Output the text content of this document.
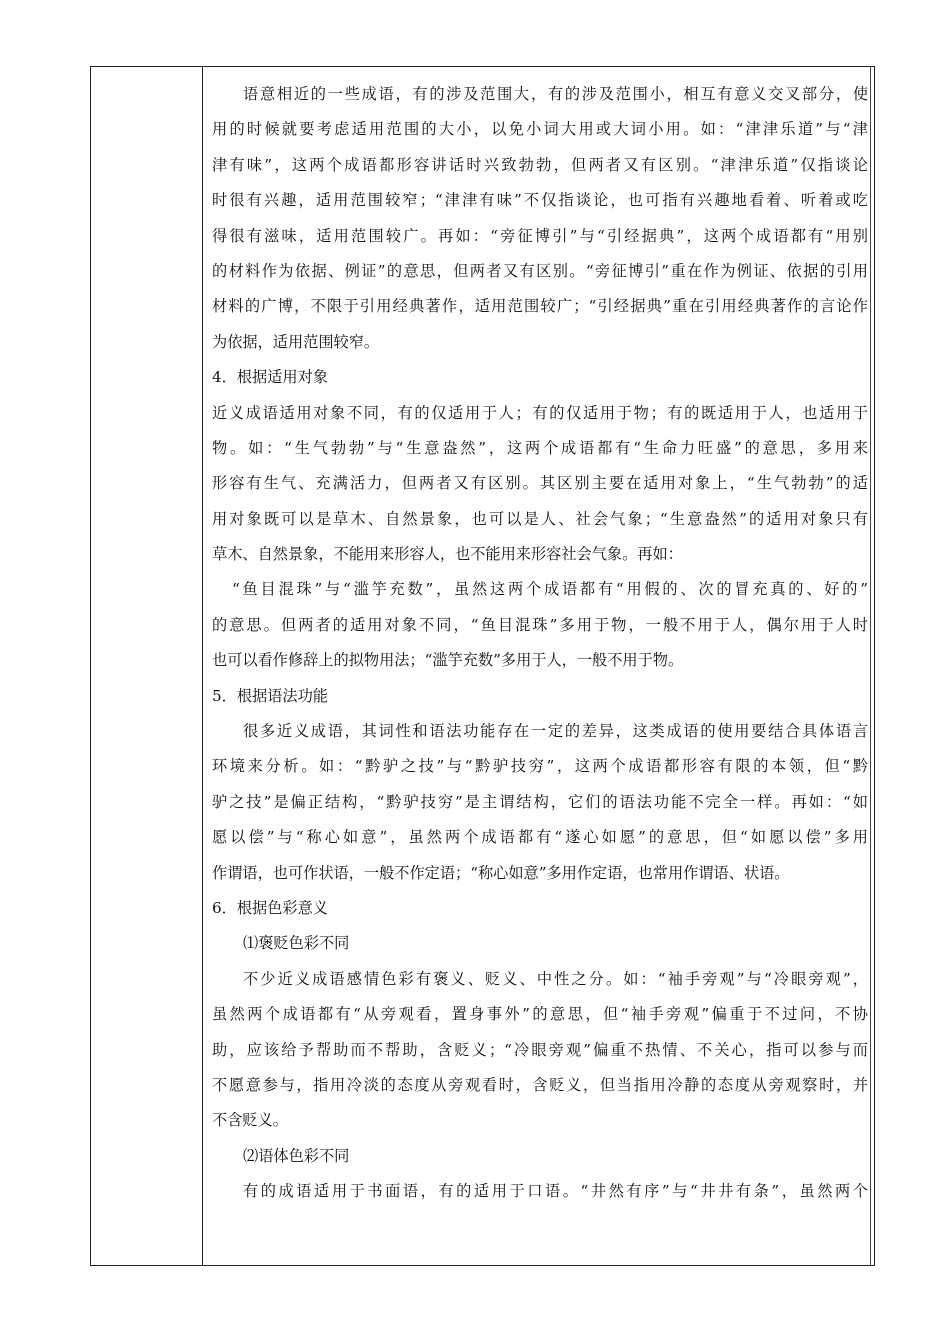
语意相近的一些成语，有的涉及范围大，有的涉及范围小，相互有意义交叉部分，使
用的时候就要考虑适用范围的大小，以免小词大用或大词小用。如：“津津乐道”与“津
津有味”，这两个成语都形容讲话时兴致勃勃，但两者又有区别。“津津乐道”仅指谈论
时很有兴趣，适用范围较窄；“津津有味”不仅指谈论，也可指有兴趣地看着、听着或吃
得很有滋味，适用范围较广。再如：“旁征博引”与“引经据典”，这两个成语都有“用别
的材料作为依据、例证”的意思，但两者又有区别。“旁征博引”重在作为例证、依据的引用
材料的广博，不限于引用经典著作，适用范围较广；“引经据典”重在引用经典著作的言论作
为依据，适用范围较窄。
4．根据适用对象
近义成语适用对象不同，有的仅适用于人；有的仅适用于物；有的既适用于人，也适用于
物。如：“生气勃勃”与“生意盎然”，这两个成语都有“生命力旺盛”的意思，多用来
形容有生气、充满活力，但两者又有区别。其区别主要在适用对象上，“生气勃勃”的适
用对象既可以是草木、自然景象，也可以是人、社会气象；“生意盎然”的适用对象只有
草木、自然景象，不能用来形容人，也不能用来形容社会气象。再如：
“鱼目混珠”与“滥竽充数”，虽然这两个成语都有“用假的、次的冒充真的、好的”
的意思。但两者的适用对象不同，“鱼目混珠”多用于物，一般不用于人，偶尔用于人时
也可以看作修辞上的拟物用法；“滥竽充数”多用于人，一般不用于物。
5．根据语法功能
很多近义成语，其词性和语法功能存在一定的差异，这类成语的使用要结合具体语言
环境来分析。如：“黔驴之技”与“黔驴技穷”，这两个成语都形容有限的本领，但“黔
驴之技”是偏正结构，“黔驴技穷”是主谓结构，它们的语法功能不完全一样。再如：“如
愿以偿”与“称心如意”，虽然两个成语都有“遂心如愿”的意思，但“如愿以偿”多用
作谓语，也可作状语，一般不作定语；“称心如意”多用作定语，也常用作谓语、状语。
6．根据色彩意义
⑴褒贬色彩不同
不少近义成语感情色彩有褒义、贬义、中性之分。如：“袖手旁观”与“冷眼旁观”，
虽然两个成语都有“从旁观看，置身事外”的意思，但“袖手旁观”偏重于不过问，不协
助，应该给予帮助而不帮助，含贬义；“冷眼旁观”偏重不热情、不关心，指可以参与而
不愿意参与，指用冷淡的态度从旁观看时，含贬义，但当指用冷静的态度从旁观察时，并
不含贬义。
⑵语体色彩不同
有的成语适用于书面语，有的适用于口语。“井然有序”与“井井有条”，虽然两个
